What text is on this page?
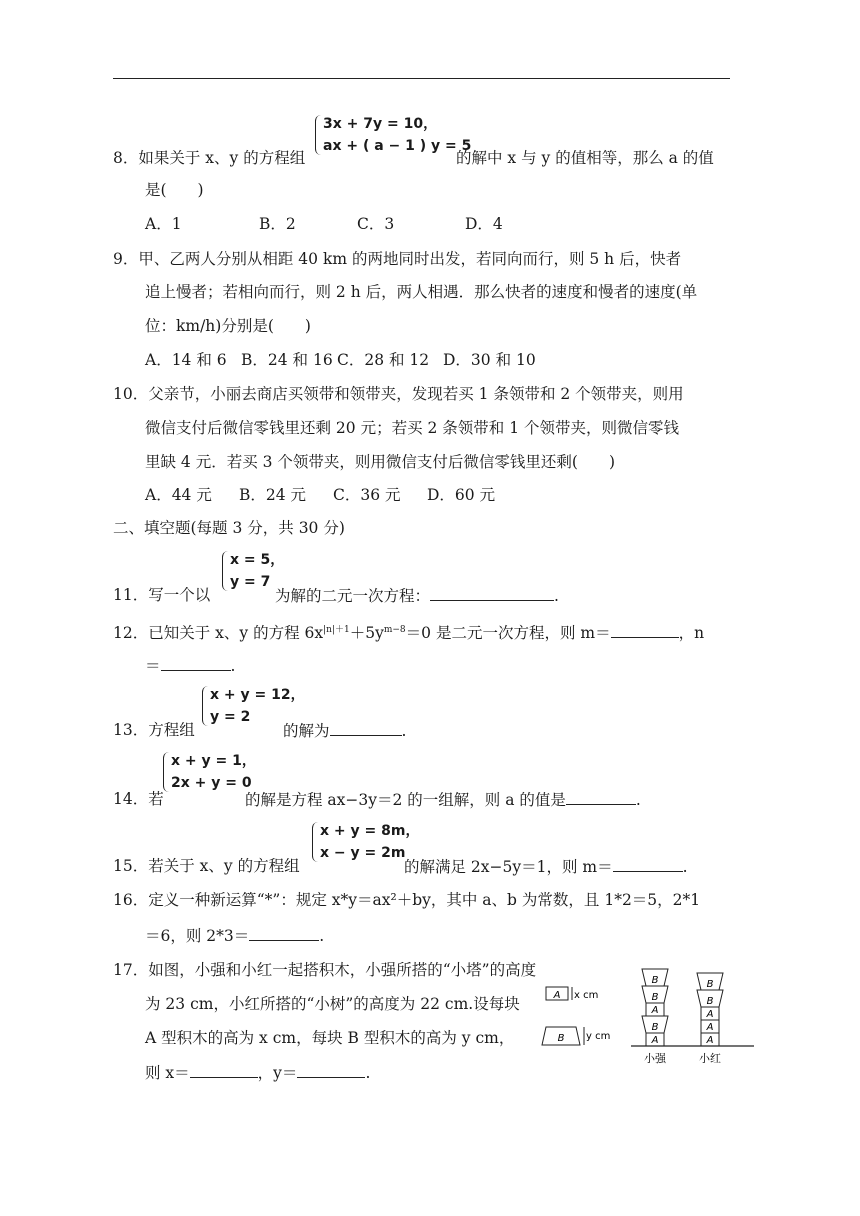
3x + 7y = 10，
ax + ( a − 1 ) y = 5
8．如果关于 x、y 的方程组	的解中 x 与 y 的值相等，那么 a 的值
是(　　)
A．1	B．2	C．3	D．4
9．甲、乙两人分别从相距 40 km 的两地同时出发，若同向而行，则 5 h 后，快者
追上慢者；若相向而行，则 2 h 后，两人相遇．那么快者的速度和慢者的速度(单
位：km/h)分别是(　　)
A．14 和 6 B．24 和 16 C．28 和 12 D．30 和 10
10．父亲节，小丽去商店买领带和领带夹，发现若买 1 条领带和 2 个领带夹，则用
微信支付后微信零钱里还剩 20 元；若买 2 条领带和 1 个领带夹，则微信零钱
里缺 4 元．若买 3 个领带夹，则用微信支付后微信零钱里还剩(　　)
A．44 元 B．24 元 C．36 元 D．60 元
二、填空题(每题 3 分，共 30 分)
x = 5，
y = 7
11．写一个以	为解的二元一次方程：	.
12．已知关于 x、y 的方程 $6x^{|n|+1}+5y^{m-8}=0$ 是二元一次方程，则 m＝	，n
＝	.
x + y = 12，
y = 2
13．方程组	的解为	.
x + y = 1，
2x + y = 0
14．若	的解是方程 ax−3y＝2 的一组解，则 a 的值是	.
x + y = 8m，
x − y = 2m
15．若关于 x、y 的方程组	的解满足 2x−5y＝1，则 m＝	.
16．定义一种新运算“*”：规定 x*y＝ax²＋by，其中 a、b 为常数，且 1*2＝5，2*1
＝6，则 2*3＝	.
17．如图，小强和小红一起搭积木，小强所搭的“小塔”的高度
为 23 cm，小红所搭的“小树”的高度为 22 cm.设每块
A 型积木的高为 x cm，每块 B 型积木的高为 y cm，
则 x＝	，y＝	.
A x cm
B y cm	A
B
A
B
B
A
A
A
B
B
小强	小红
